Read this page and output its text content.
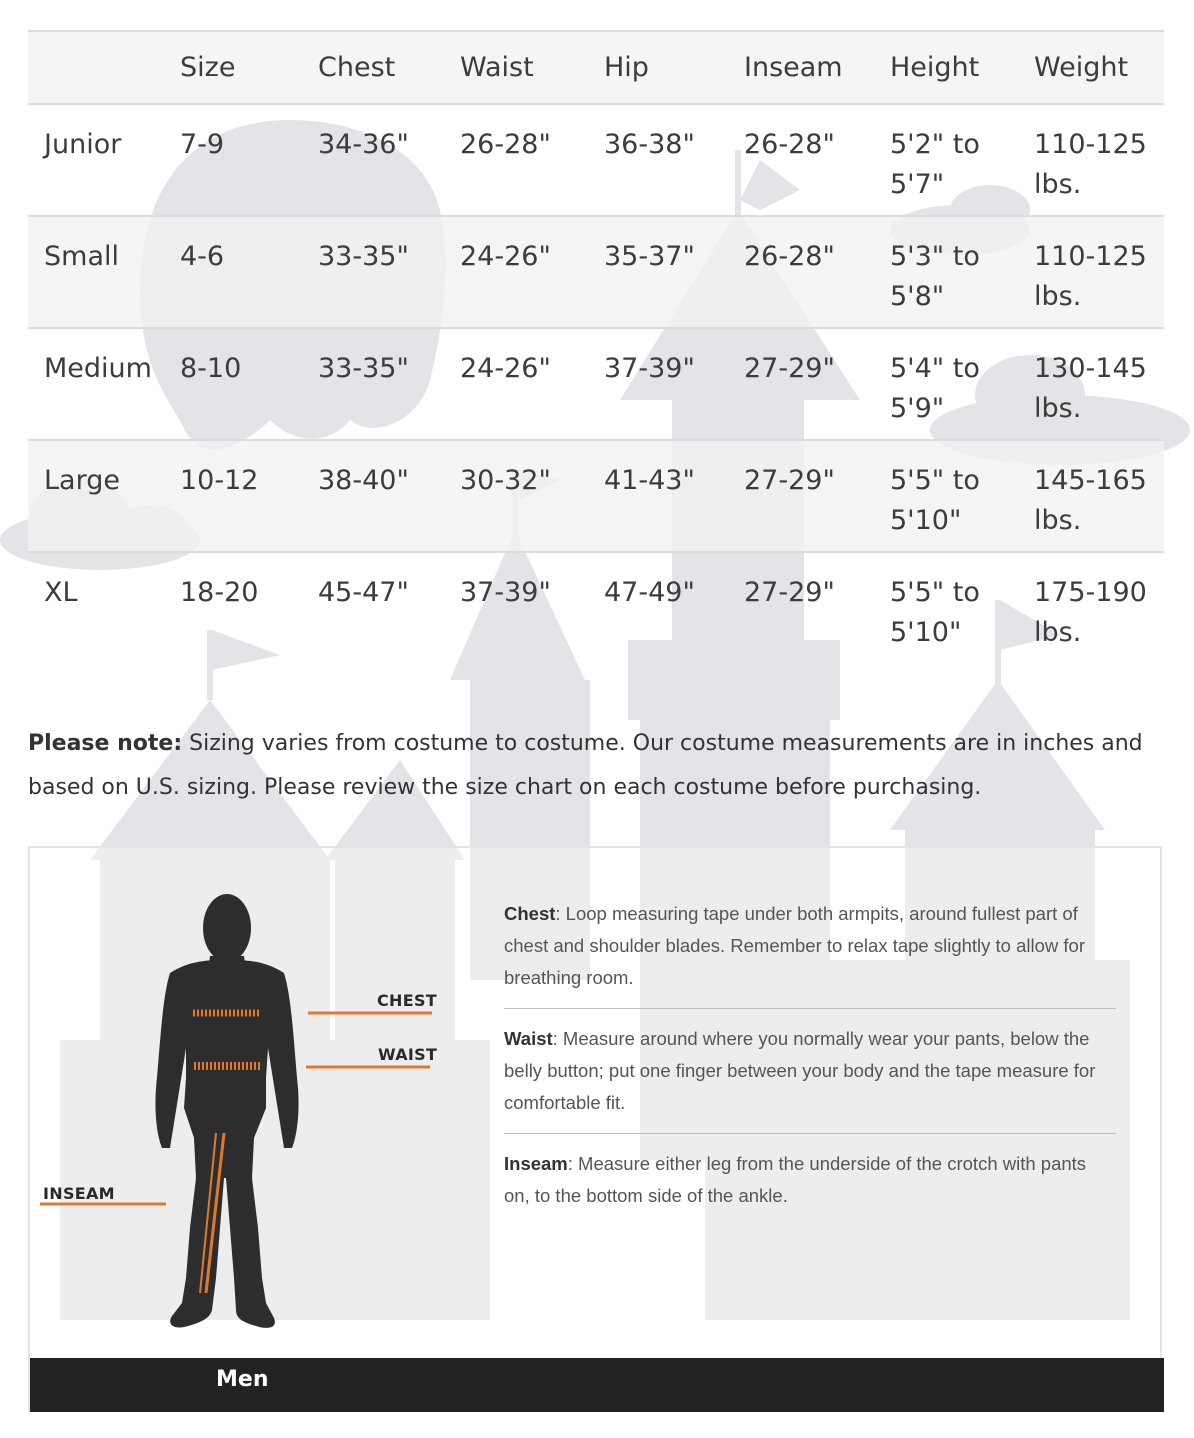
	Size	Chest	Waist	Hip	Inseam	Height	Weight
Junior	7-9	34-36"	26-28"	36-38"	26-28"	5'2" to 5'7"	110-125 lbs.
Small	4-6	33-35"	24-26"	35-37"	26-28"	5'3" to 5'8"	110-125 lbs.
Medium	8-10	33-35"	24-26"	37-39"	27-29"	5'4" to 5'9"	130-145 lbs.
Large	10-12	38-40"	30-32"	41-43"	27-29"	5'5" to 5'10"	145-165 lbs.
XL	18-20	45-47"	37-39"	47-49"	27-29"	5'5" to 5'10"	175-190 lbs.
Please note: Sizing varies from costume to costume. Our costume measurements are in inches and based on U.S. sizing. Please review the size chart on each costume before purchasing.
CHEST
WAIST
INSEAM
Chest: Loop measuring tape under both armpits, around fullest part of chest and shoulder blades. Remember to relax tape slightly to allow for breathing room.
Waist: Measure around where you normally wear your pants, below the belly button; put one finger between your body and the tape measure for comfortable fit.
Inseam: Measure either leg from the underside of the crotch with pants on, to the bottom side of the ankle.
Men
